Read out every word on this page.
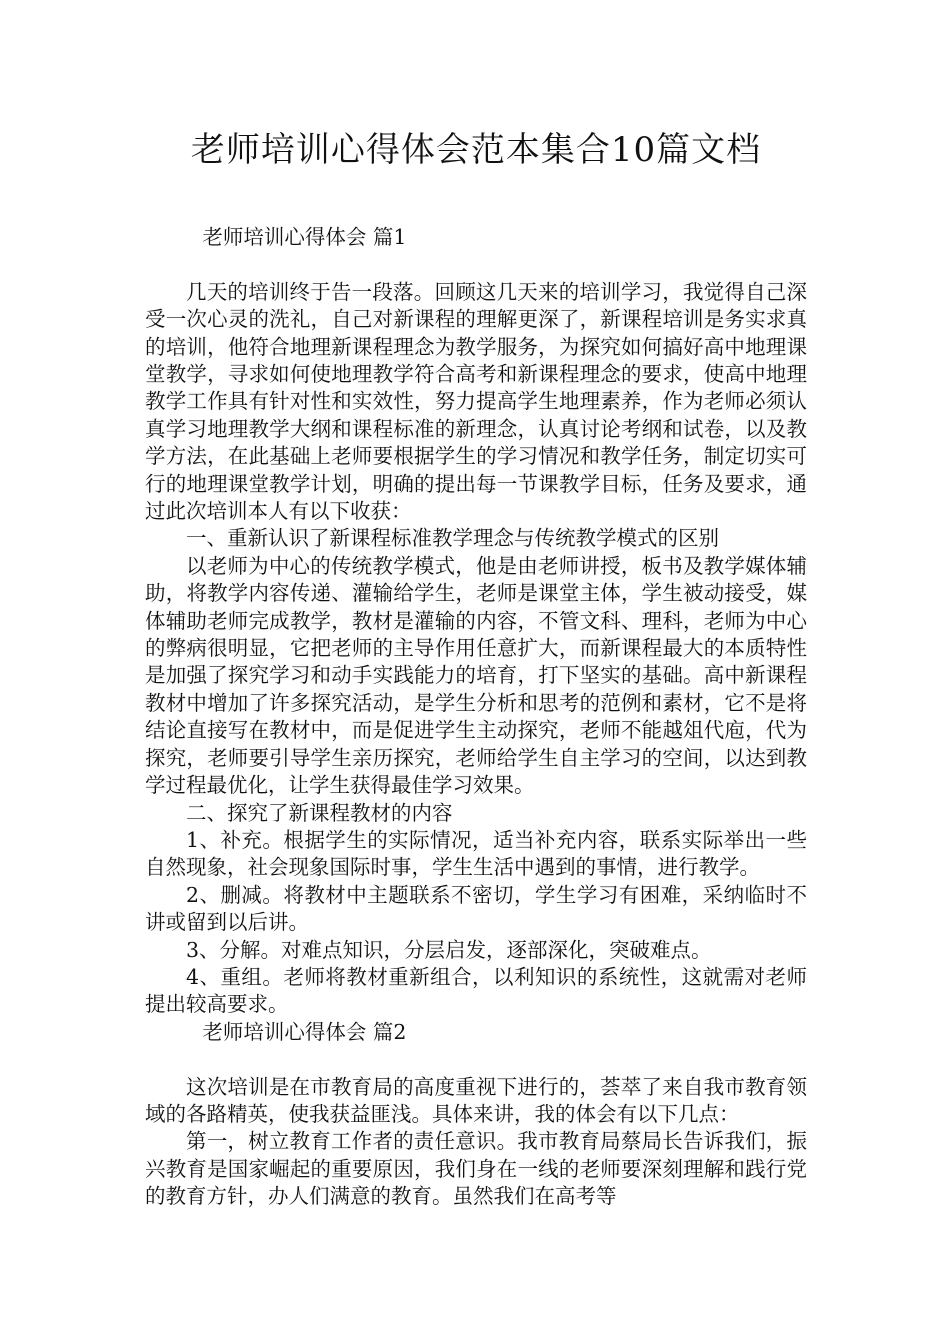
老师培训心得体会范本集合10篇文档

老师培训心得体会 篇1

几天的培训终于告一段落。回顾这几天来的培训学习，我觉得自己深受一次心灵的洗礼，自己对新课程的理解更深了，新课程培训是务实求真的培训，他符合地理新课程理念为教学服务，为探究如何搞好高中地理课堂教学，寻求如何使地理教学符合高考和新课程理念的要求，使高中地理教学工作具有针对性和实效性，努力提高学生地理素养，作为老师必须认真学习地理教学大纲和课程标准的新理念，认真讨论考纲和试卷，以及教学方法，在此基础上老师要根据学生的学习情况和教学任务，制定切实可行的地理课堂教学计划，明确的提出每一节课教学目标，任务及要求，通过此次培训本人有以下收获：

一、重新认识了新课程标准教学理念与传统教学模式的区别

以老师为中心的传统教学模式，他是由老师讲授，板书及教学媒体辅助，将教学内容传递、灌输给学生，老师是课堂主体，学生被动接受，媒体辅助老师完成教学，教材是灌输的内容，不管文科、理科，老师为中心的弊病很明显，它把老师的主导作用任意扩大，而新课程最大的本质特性是加强了探究学习和动手实践能力的培育，打下坚实的基础。高中新课程教材中增加了许多探究活动，是学生分析和思考的范例和素材，它不是将结论直接写在教材中，而是促进学生主动探究，老师不能越俎代庖，代为探究，老师要引导学生亲历探究，老师给学生自主学习的空间，以达到教学过程最优化，让学生获得最佳学习效果。

二、探究了新课程教材的内容

1、补充。根据学生的实际情况，适当补充内容，联系实际举出一些自然现象，社会现象国际时事，学生生活中遇到的事情，进行教学。

2、删减。将教材中主题联系不密切，学生学习有困难，采纳临时不讲或留到以后讲。

3、分解。对难点知识，分层启发，逐部深化，突破难点。

4、重组。老师将教材重新组合，以利知识的系统性，这就需对老师提出较高要求。

老师培训心得体会 篇2

这次培训是在市教育局的高度重视下进行的，荟萃了来自我市教育领域的各路精英，使我获益匪浅。具体来讲，我的体会有以下几点：

第一，树立教育工作者的责任意识。我市教育局蔡局长告诉我们，振兴教育是国家崛起的重要原因，我们身在一线的老师要深刻理解和践行党的教育方针，办人们满意的教育。虽然我们在高考等
